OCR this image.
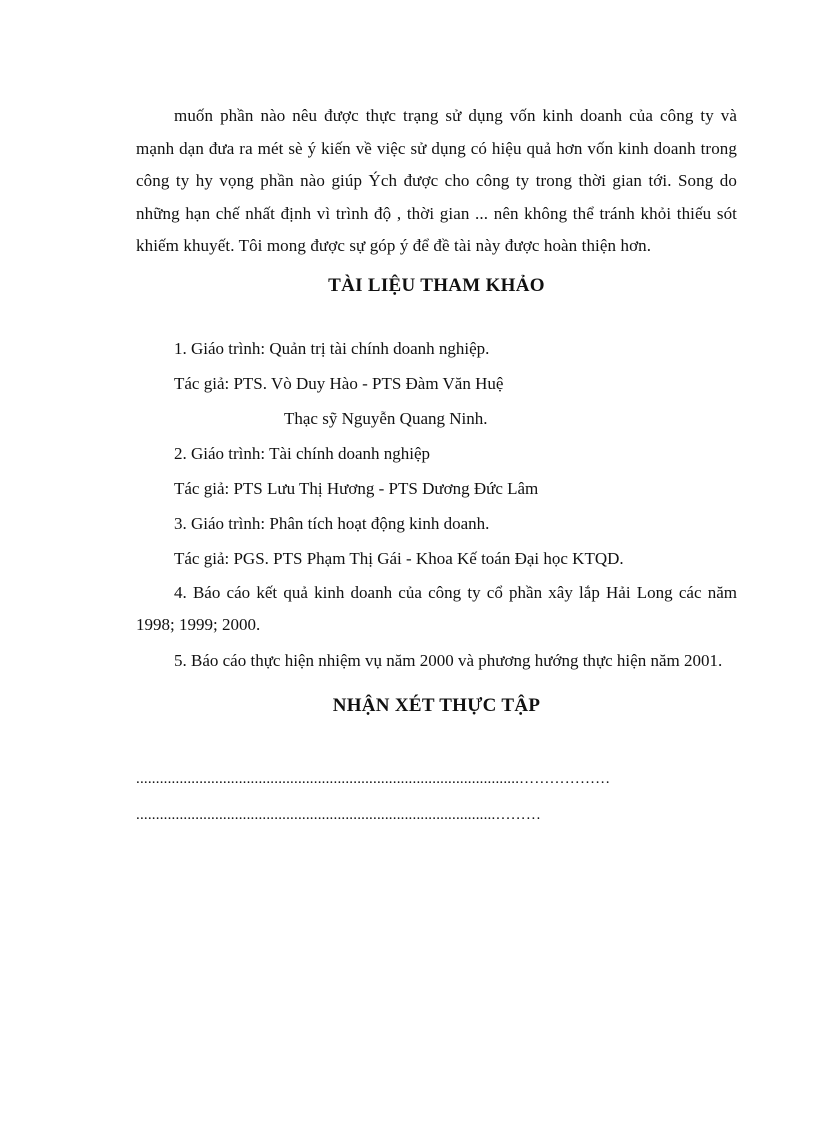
muốn phần nào nêu được thực trạng sử dụng vốn kinh doanh của công ty và mạnh dạn đưa ra mét sè ý kiến về việc sử dụng có hiệu quả hơn vốn kinh doanh trong công ty hy vọng phần nào giúp Ých được cho công ty trong thời gian tới. Song do những hạn chế nhất định vì trình độ , thời gian ... nên không thể tránh khỏi thiếu sót khiếm khuyết. Tôi mong được sự góp ý để đề tài này được hoàn thiện hơn.

TÀI LIỆU THAM KHẢO

1. Giáo trình: Quản trị tài chính doanh nghiệp.

Tác giả: PTS. Vò Duy Hào - PTS Đàm Văn Huệ

Thạc sỹ Nguyễn Quang Ninh.

2. Giáo trình: Tài chính doanh nghiệp

Tác giả: PTS Lưu Thị Hương - PTS Dương Đức Lâm

3. Giáo trình: Phân tích hoạt động kinh doanh.

Tác giả: PGS. PTS Phạm Thị Gái - Khoa Kế toán Đại học KTQD.

4. Báo cáo kết quả kinh doanh của công ty cổ phần xây lắp Hải Long các năm 1998; 1999; 2000.

5. Báo cáo thực hiện nhiệm vụ năm 2000 và phương hướng thực hiện năm 2001.

NHẬN XÉT THỰC TẬP

.................................................................................................………………

...........................................................................................………
